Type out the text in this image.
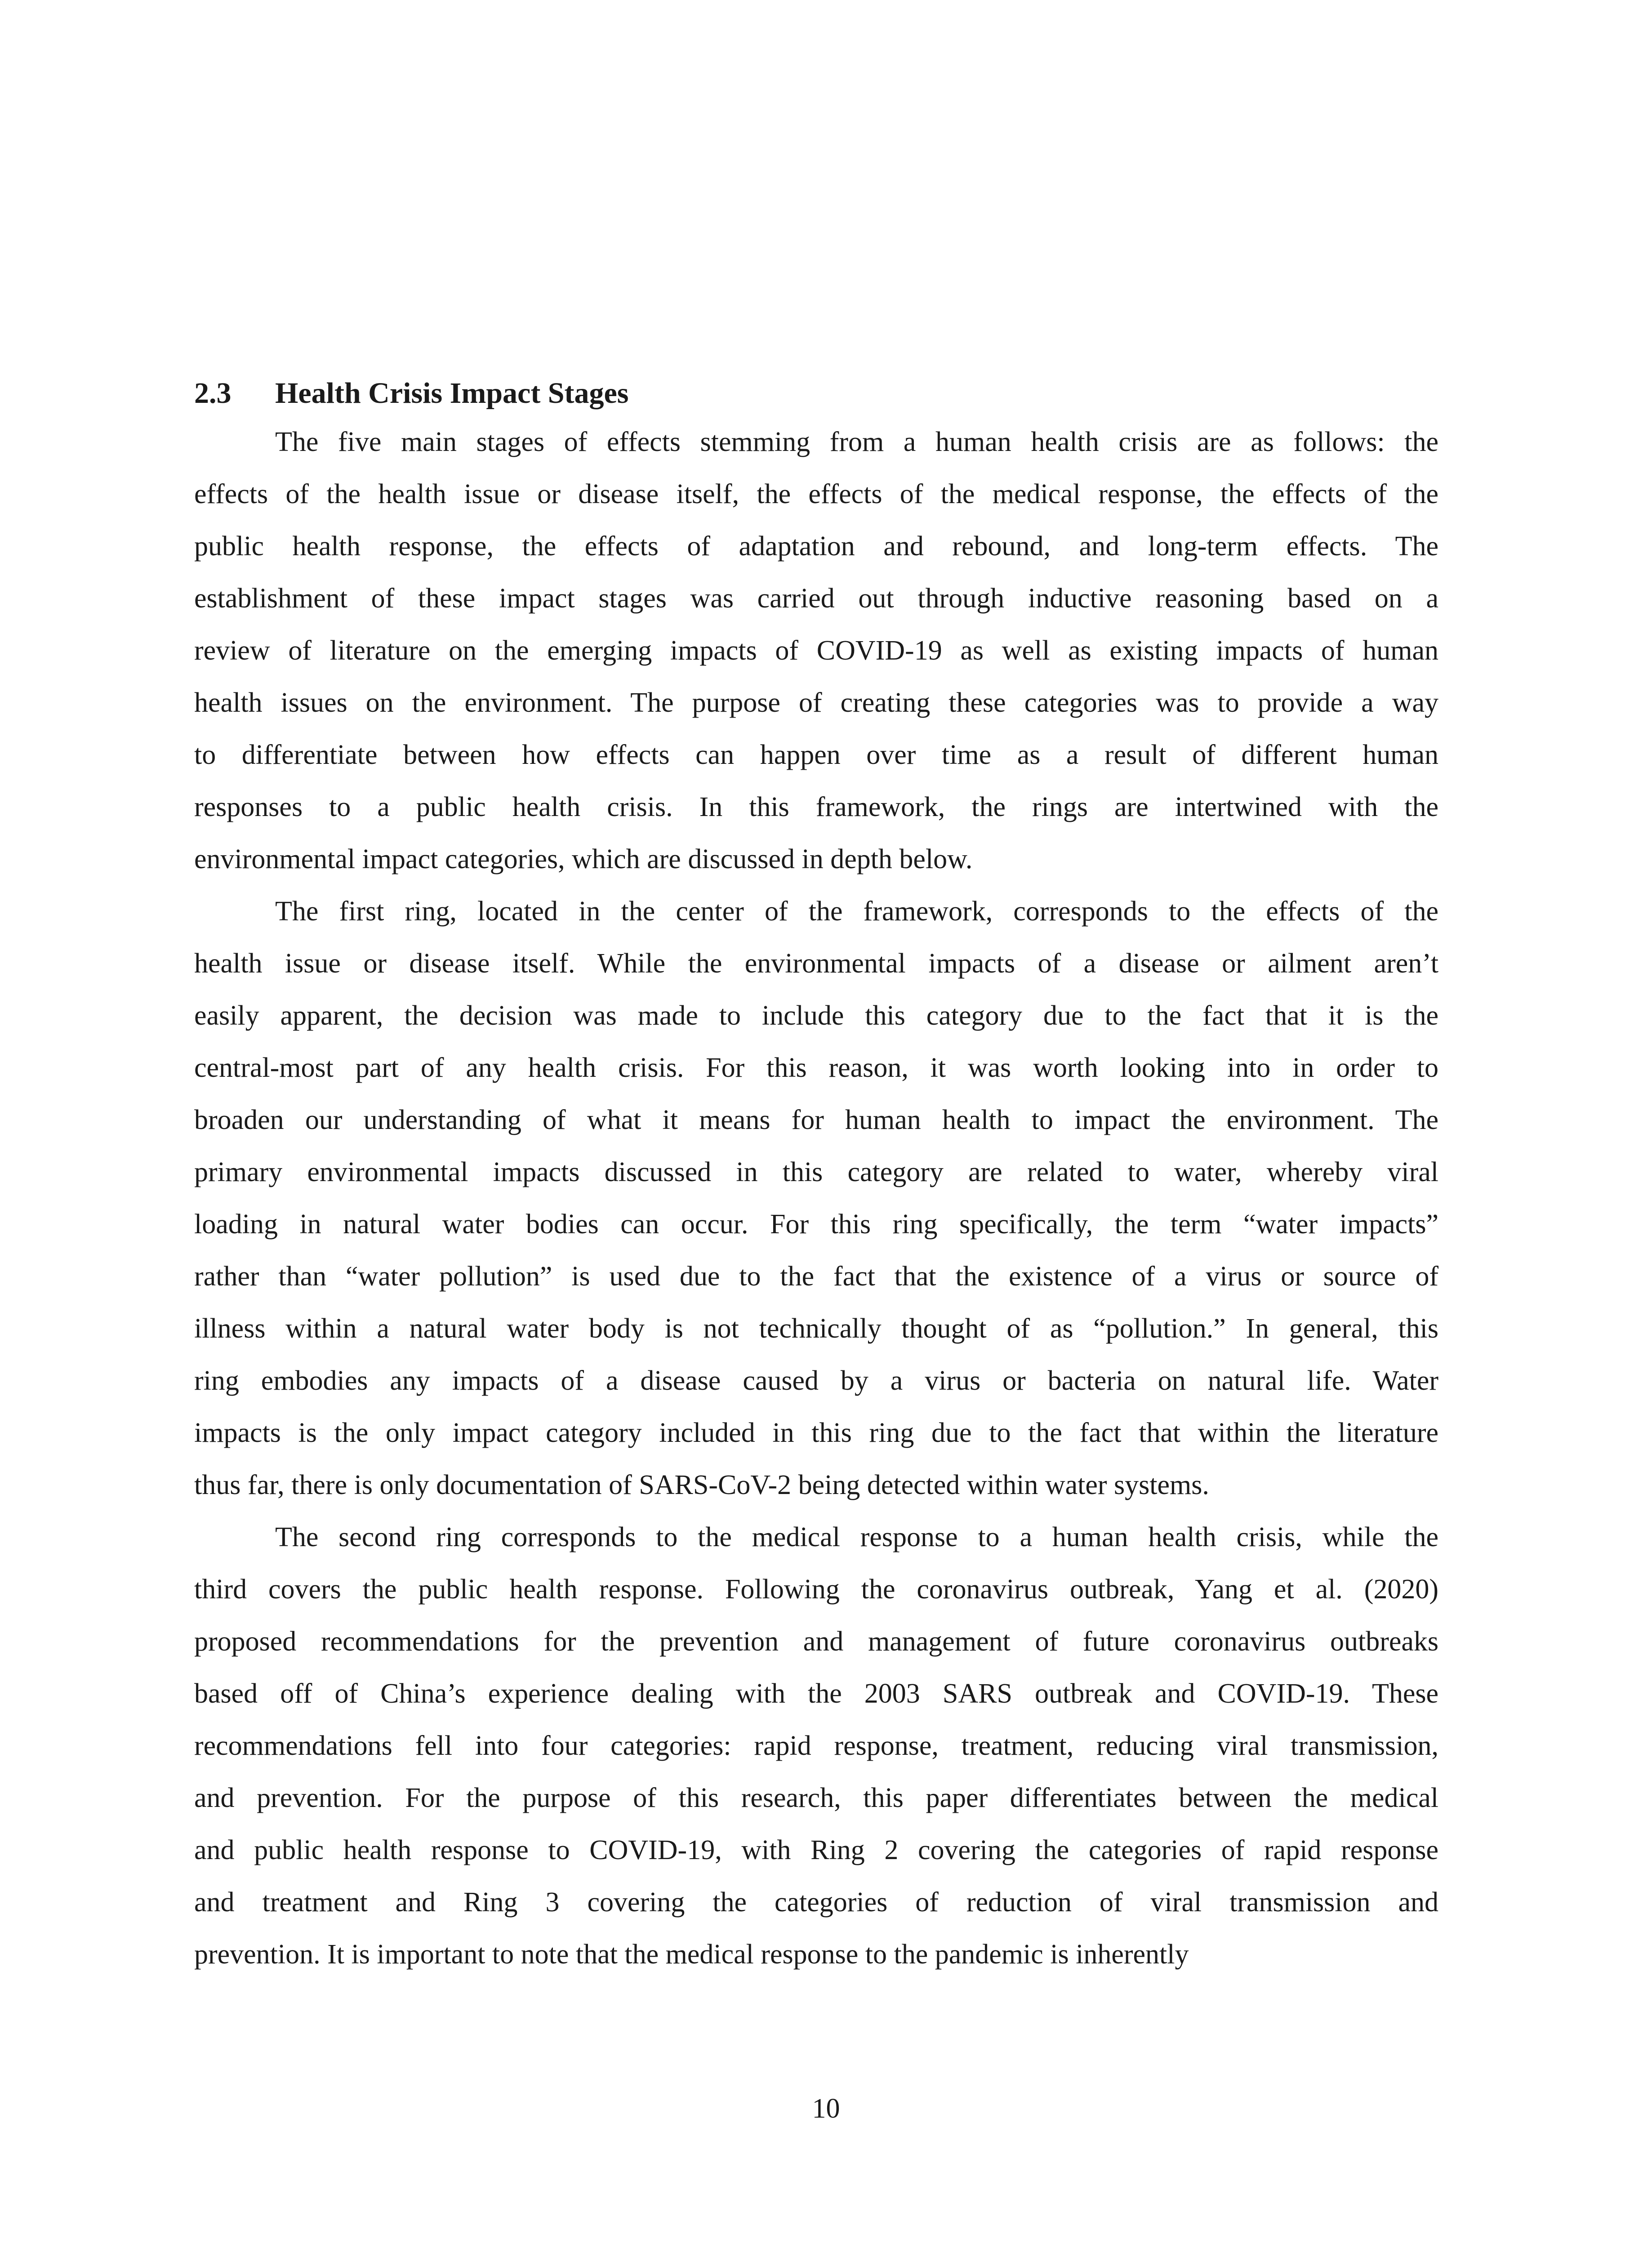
2.3 Health Crisis Impact Stages
The five main stages of effects stemming from a human health crisis are as follows: the
effects of the health issue or disease itself, the effects of the medical response, the effects of the
public health response, the effects of adaptation and rebound, and long-term effects. The
establishment of these impact stages was carried out through inductive reasoning based on a
review of literature on the emerging impacts of COVID-19 as well as existing impacts of human
health issues on the environment. The purpose of creating these categories was to provide a way
to differentiate between how effects can happen over time as a result of different human
responses to a public health crisis. In this framework, the rings are intertwined with the
environmental impact categories, which are discussed in depth below.
The first ring, located in the center of the framework, corresponds to the effects of the
health issue or disease itself. While the environmental impacts of a disease or ailment aren’t
easily apparent, the decision was made to include this category due to the fact that it is the
central-most part of any health crisis. For this reason, it was worth looking into in order to
broaden our understanding of what it means for human health to impact the environment. The
primary environmental impacts discussed in this category are related to water, whereby viral
loading in natural water bodies can occur. For this ring specifically, the term “water impacts”
rather than “water pollution” is used due to the fact that the existence of a virus or source of
illness within a natural water body is not technically thought of as “pollution.” In general, this
ring embodies any impacts of a disease caused by a virus or bacteria on natural life. Water
impacts is the only impact category included in this ring due to the fact that within the literature
thus far, there is only documentation of SARS-CoV-2 being detected within water systems.
The second ring corresponds to the medical response to a human health crisis, while the
third covers the public health response. Following the coronavirus outbreak, Yang et al. (2020)
proposed recommendations for the prevention and management of future coronavirus outbreaks
based off of China’s experience dealing with the 2003 SARS outbreak and COVID-19. These
recommendations fell into four categories: rapid response, treatment, reducing viral transmission,
and prevention. For the purpose of this research, this paper differentiates between the medical
and public health response to COVID-19, with Ring 2 covering the categories of rapid response
and treatment and Ring 3 covering the categories of reduction of viral transmission and
prevention. It is important to note that the medical response to the pandemic is inherently
10
